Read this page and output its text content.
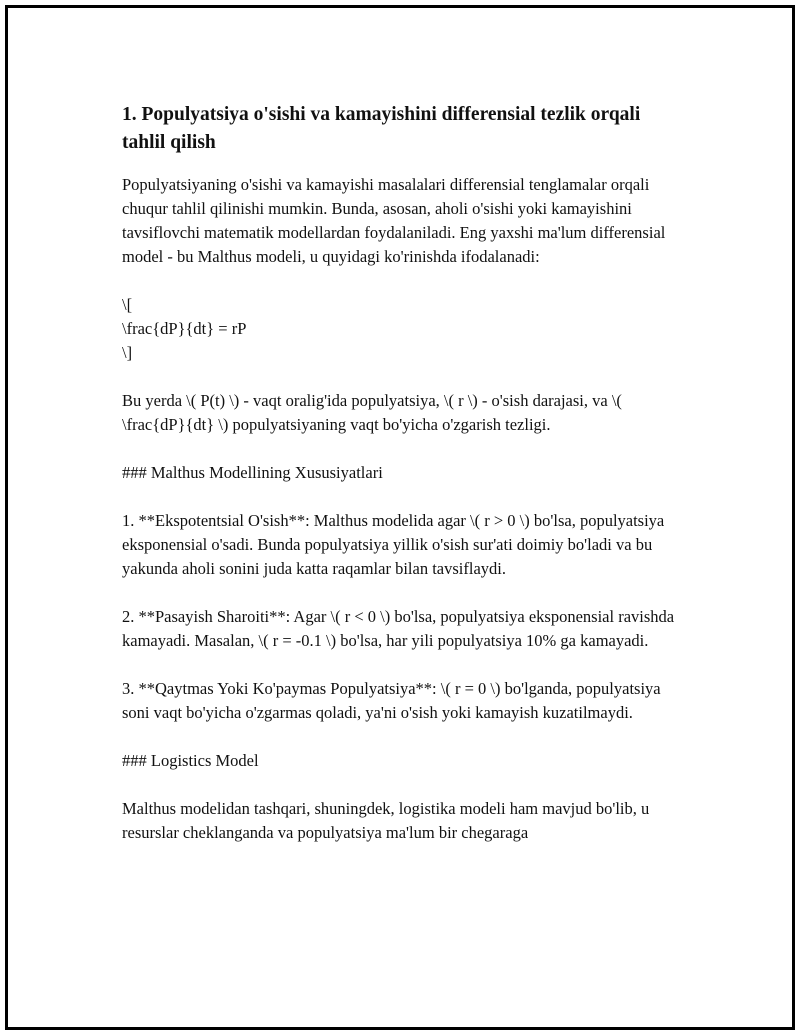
1. Populyatsiya o'sishi va kamayishini differensial tezlik orqali tahlil qilish

Populyatsiyaning o'sishi va kamayishi masalalari differensial tenglamalar orqali chuqur tahlil qilinishi mumkin. Bunda, asosan, aholi o'sishi yoki kamayishini tavsiflovchi matematik modellardan foydalaniladi. Eng yaxshi ma'lum differensial model - bu Malthus modeli, u quyidagi ko'rinishda ifodalanadi:

\[

\frac{dP}{dt} = rP

\]

Bu yerda \( P(t) \) - vaqt oralig'ida populyatsiya, \( r \) - o'sish darajasi, va \( \frac{dP}{dt} \) populyatsiyaning vaqt bo'yicha o'zgarish tezligi.

### Malthus Modellining Xususiyatlari

1. **Ekspotentsial O'sish**: Malthus modelida agar \( r > 0 \) bo'lsa, populyatsiya eksponensial o'sadi. Bunda populyatsiya yillik o'sish sur'ati doimiy bo'ladi va bu yakunda aholi sonini juda katta raqamlar bilan tavsiflaydi.

2. **Pasayish Sharoiti**: Agar \( r < 0 \) bo'lsa, populyatsiya eksponensial ravishda kamayadi. Masalan, \( r = -0.1 \) bo'lsa, har yili populyatsiya 10% ga kamayadi.

3. **Qaytmas Yoki Ko'paymas Populyatsiya**: \( r = 0 \) bo'lganda, populyatsiya soni vaqt bo'yicha o'zgarmas qoladi, ya'ni o'sish yoki kamayish kuzatilmaydi.

### Logistics Model

Malthus modelidan tashqari, shuningdek, logistika modeli ham mavjud bo'lib, u resurslar cheklanganda va populyatsiya ma'lum bir chegaraga
